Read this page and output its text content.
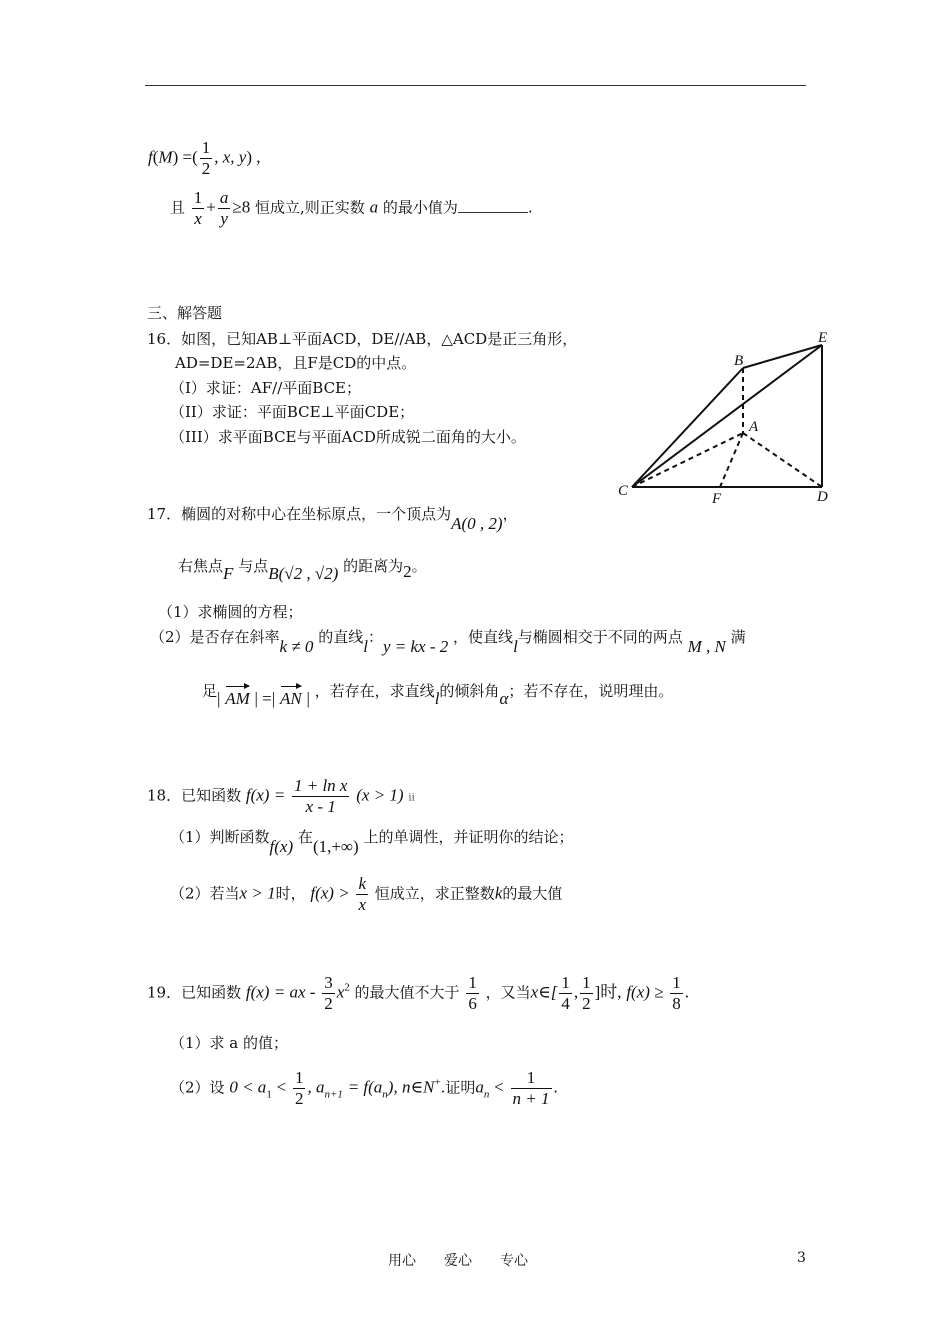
f(M) =( $\frac{1}{2}$ , x, y) ,
且 $\frac{1}{x} + \frac{a}{y} \ge 8$ 恒成立,则正实数 a 的最小值为	.
三、解答题
16．如图，已知AB⊥平面ACD，DE//AB，△ACD是正三角形，
AD=DE=2AB，且F是CD的中点。
（I）求证：AF//平面BCE；
（II）求证：平面BCE⊥平面CDE；
（III）求平面BCE与平面ACD所成锐二面角的大小。
B
E
A
C	F	D
17．椭圆的对称中心在坐标原点，一个顶点为A(0 , 2)，
右焦点F 与点B(√2 , √2) 的距离为2。
（1）求椭圆的方程；
（2）是否存在斜率k ≠ 0 的直线l：y = kx - 2 ，使直线l与椭圆相交于不同的两点 M , N 满
足| AM | =| AN | ，若存在，求直线l的倾斜角α；若不存在，说明理由。
18．已知函数 $f(x) = \frac{\text{1 + ln x}}{x - 1} (x > 1)$ ⅱ
（1）判断函数f(x) 在(1,+∞) 上的单调性，并证明你的结论；
（2）若当x > 1时， $f(x) > \frac{k}{x}$ 恒成立，求正整数k的最大值
19．已知函数 f(x) = ax - $\frac{3}{2} x^2$ 的最大值不大于 $\frac{1}{6}$ ，又当x∈[ $\frac{1}{4}$ , $\frac{1}{2}$ ]时, $f(x) \ge \frac{1}{8}$ .
（1）求 a 的值；
（2）设 $0 < a_1 < \frac{1}{2}$ , $a_{n+1} = f(a_n)$, n∈N+.证明$a_n < \frac{1}{n + 1}$ .
用心　　爱心　　专心	3
